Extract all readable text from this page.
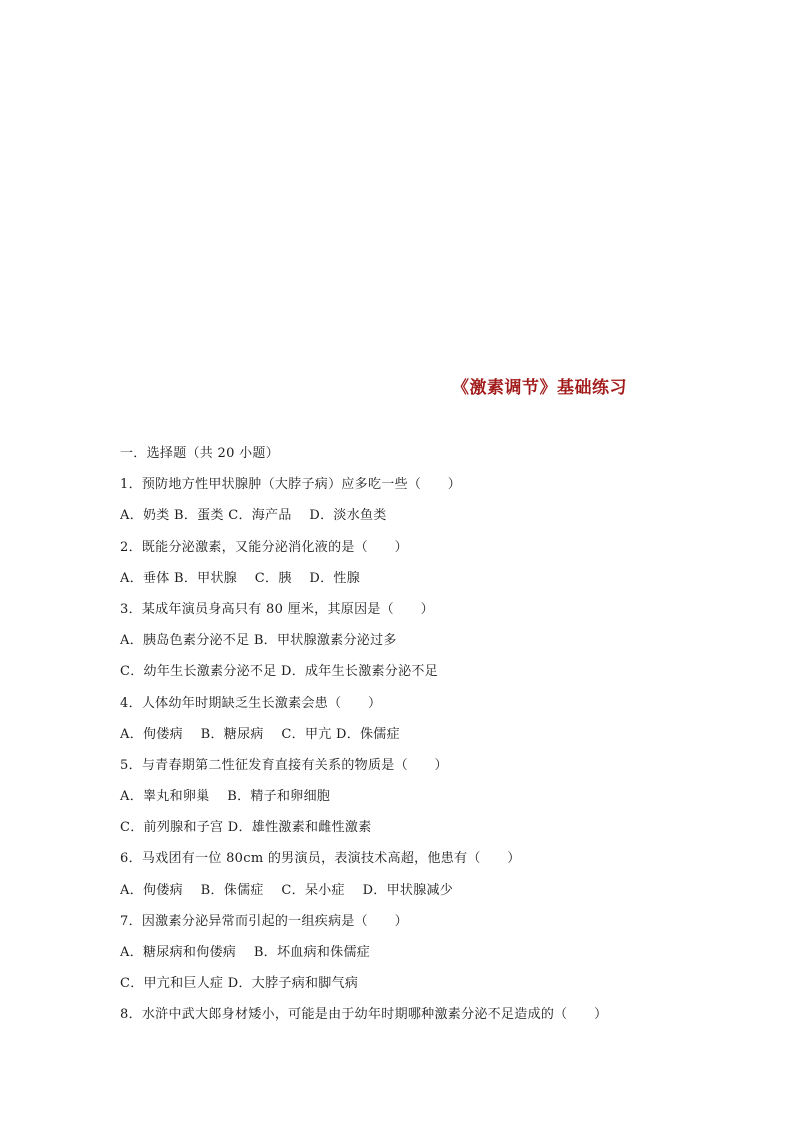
《激素调节》基础练习
一．选择题（共 20 小题）
1．预防地方性甲状腺肿（大脖子病）应多吃一些（　　）
A．奶类 B．蛋类 C．海产品　 D．淡水鱼类
2．既能分泌激素，又能分泌消化液的是（　　）
A．垂体 B．甲状腺　 C．胰　 D．性腺
3．某成年演员身高只有 80 厘米，其原因是（　　）
A．胰岛色素分泌不足 B．甲状腺激素分泌过多
C．幼年生长激素分泌不足 D．成年生长激素分泌不足
4．人体幼年时期缺乏生长激素会患（　　）
A．佝偻病　 B．糖尿病　 C．甲亢 D．侏儒症
5．与青春期第二性征发育直接有关系的物质是（　　）
A．睾丸和卵巢　 B．精子和卵细胞
C．前列腺和子宫 D．雄性激素和雌性激素
6．马戏团有一位 80cm 的男演员，表演技术高超，他患有（　　）
A．佝偻病　 B．侏儒症　 C．呆小症　 D．甲状腺减少
7．因激素分泌异常而引起的一组疾病是（　　）
A．糖尿病和佝偻病　 B．坏血病和侏儒症
C．甲亢和巨人症 D．大脖子病和脚气病
8．水浒中武大郎身材矮小，可能是由于幼年时期哪种激素分泌不足造成的（　　）
